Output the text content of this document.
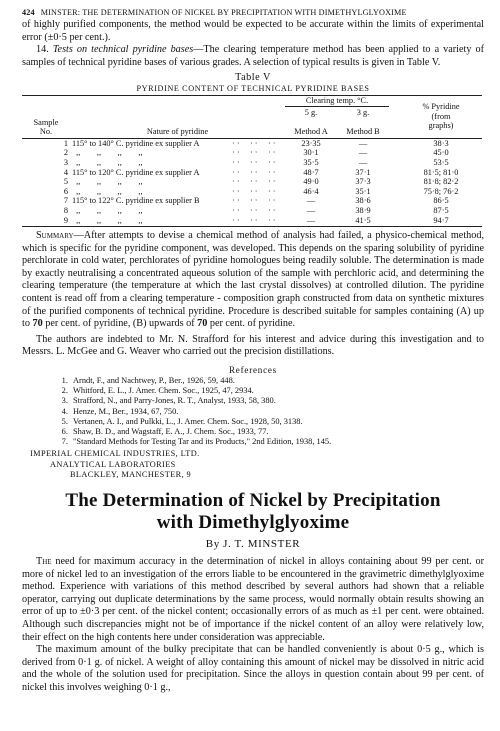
424 MINSTER: THE DETERMINATION OF NICKEL BY PRECIPITATION WITH DIMETHYLGLYOXIME

of highly purified components, the method would be expected to be accurate within the limits of experimental error (±0·5 per cent.).

14. Tests on technical pyridine bases—The clearing temperature method has been applied to a variety of samples of technical pyridine bases of various grades. A selection of typical results is given in Table V.

Table V
PYRIDINE CONTENT OF TECHNICAL PYRIDINE BASES
		Clearing temp. °C.			% Pyridine
(from
graphs)
		5 g.	3 g.		
Sample
No.	Nature of pyridine	Method A	Method B		

1	115° to 140° C. pyridine ex supplier A · ·     · ·     · ·	23·35	—		38·3
2	,,        ,,        ,,        ,, · ·     · ·     · ·	30·1	—		45·0
3	,,        ,,        ,,        ,, · ·     · ·     · ·	35·5	—		53·5
4	115° to 120° C. pyridine ex supplier A · ·     · ·     · ·	48·7	37·1		81·5; 81·0
5	,,        ,,        ,,        ,, · ·     · ·     · ·	49·0	37·3		81·8; 82·2
6	,,        ,,        ,,        ,, · ·     · ·     · ·	46·4	35·1		75·8; 76·2
7	115° to 122° C. pyridine ex supplier B · ·     · ·     · ·	—	38·6		86·5
8	,,        ,,        ,,        ,, · ·     · ·     · ·	—	38·9		87·5
9	,,        ,,        ,,        ,, · ·     · ·     · ·	—	41·5		94·7

Summary—After attempts to devise a chemical method of analysis had failed, a physico-chemical method, which is specific for the pyridine component, was developed. This depends on the sparing solubility of pyridine perchlorate in cold water, perchlorates of pyridine homologues being readily soluble. The determination is made by exactly neutralising a concentrated aqueous solution of the sample with perchloric acid, and determining the clearing temperature (the temperature at which the last crystal dissolves) at controlled dilution. The pyridine content is read off from a clearing temperature - composition graph constructed from data on synthetic mixtures of the purified components of technical pyridine. Procedure is described suitable for samples containing (A) up to 70 per cent. of pyridine, (B) upwards of 70 per cent. of pyridine.

The authors are indebted to Mr. N. Strafford for his interest and advice during this investigation and to Messrs. L. McGee and G. Weaver who carried out the precision distillations.

References
1. Arndt, F., and Nachtwey, P., Ber., 1926, 59, 448.
2. Whitford, E. L., J. Amer. Chem. Soc., 1925, 47, 2934.
3. Strafford, N., and Parry-Jones, R. T., Analyst, 1933, 58, 380.
4. Henze, M., Ber., 1934, 67, 750.
5. Vertanen, A. I., and Pulkki, L., J. Amer. Chem. Soc., 1928, 50, 3138.
6. Shaw, B. D., and Wagstaff, E. A., J. Chem. Soc., 1933, 77.
7. "Standard Methods for Testing Tar and its Products," 2nd Edition, 1938, 145.
IMPERIAL CHEMICAL INDUSTRIES, LTD.
ANALYTICAL LABORATORIES
BLACKLEY, MANCHESTER, 9
The Determination of Nickel by Precipitation
with Dimethylglyoxime
By J. T. MINSTER

The need for maximum accuracy in the determination of nickel in alloys containing about 99 per cent. or more of nickel led to an investigation of the errors liable to be encountered in the gravimetric dimethylglyoxime method. Experience with variations of this method described by several authors had shown that a reliable operator, carrying out duplicate determinations by the same process, would normally obtain results showing an error of up to ±0·3 per cent. of the nickel content; occasionally errors of as much as ±1 per cent. were obtained. Although such discrepancies might not be of importance if the nickel content of an alloy were relatively low, their effect on the high contents here under consideration was appreciable.

The maximum amount of the bulky precipitate that can be handled conveniently is about 0·5 g., which is derived from 0·1 g. of nickel. A weight of alloy containing this amount of nickel may be dissolved in nitric acid and the whole of the solution used for precipitation. Since the alloys in question contain about 99 per cent. of nickel this involves weighing 0·1 g.,
